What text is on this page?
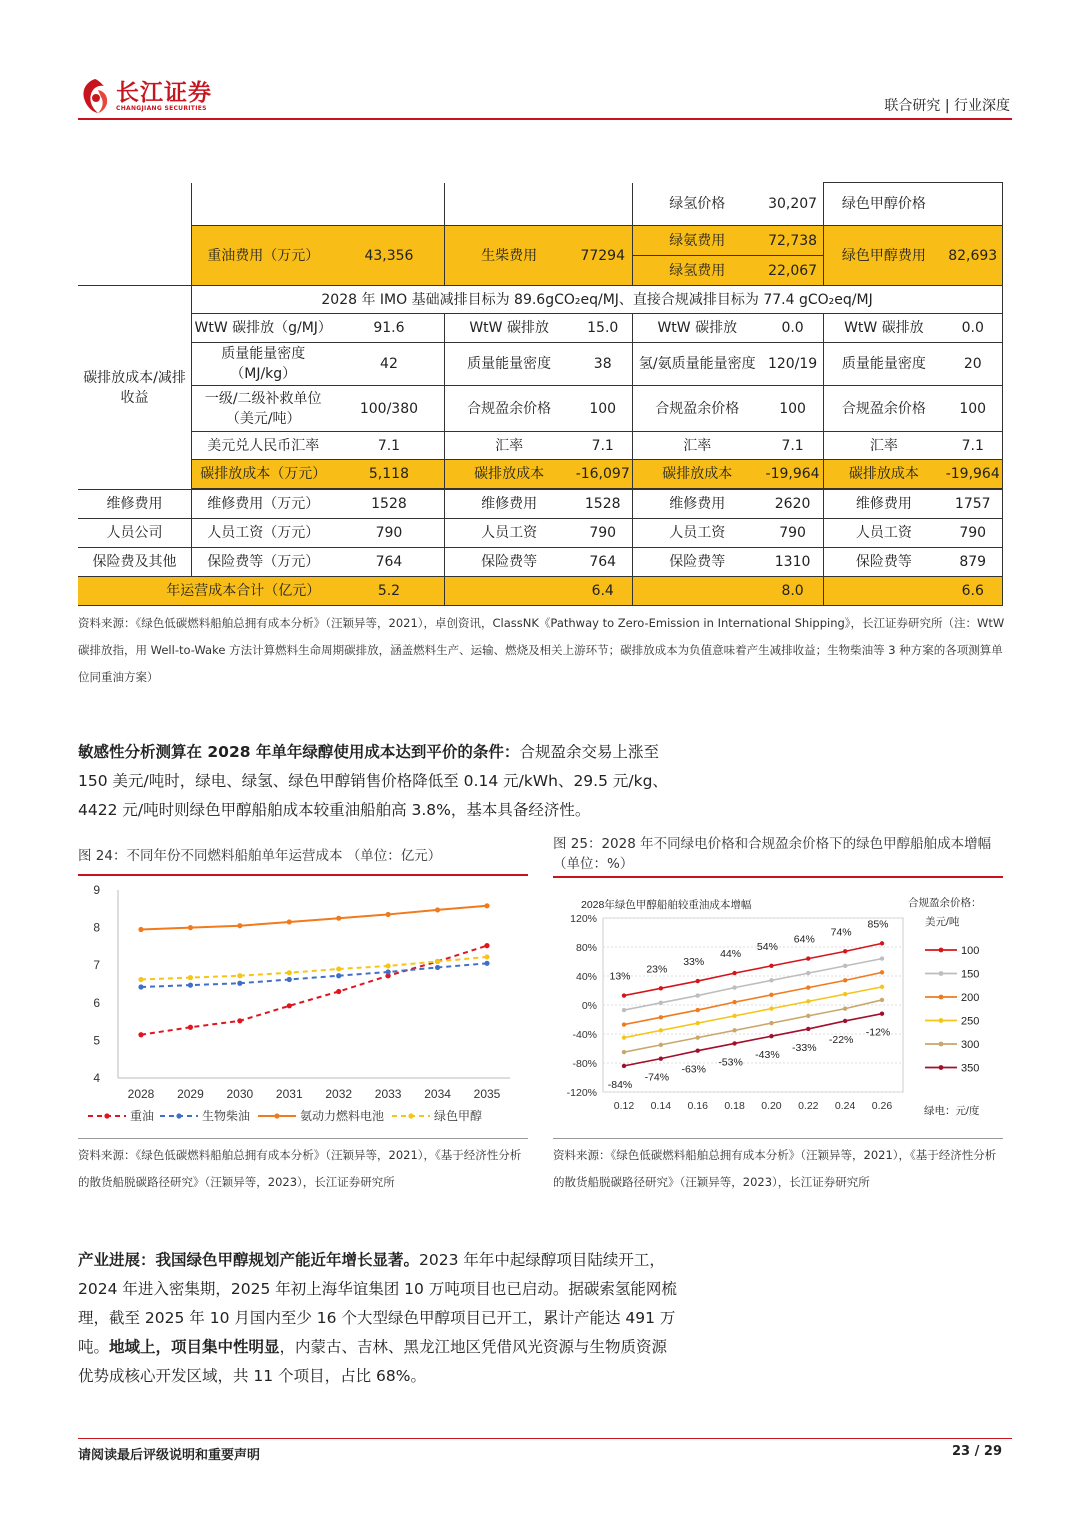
长江证券
CHANGJIANG SECURITIES	联合研究 | 行业深度
					绿氢价格	30,207	绿色甲醇价格	
	重油费用（万元）	43,356	生柴费用	77294	绿氨费用	72,738	绿色甲醇费用	82,693
					绿氢费用	22,067		
碳排放成本/减排收益	2028 年 IMO 基础减排目标为 89.6gCO₂eq/MJ、直接合规减排目标为 77.4 gCO₂eq/MJ							
	WtW 碳排放（g/MJ）	91.6	WtW 碳排放	15.0	WtW 碳排放	0.0	WtW 碳排放	0.0
	质量能量密度（MJ/kg）	42	质量能量密度	38	氢/氨质量能量密度	120/19	质量能量密度	20
	一级/二级补救单位（美元/吨）	100/380	合规盈余价格	100	合规盈余价格	100	合规盈余价格	100
	美元兑人民币汇率	7.1	汇率	7.1	汇率	7.1	汇率	7.1
	碳排放成本（万元）	5,118	碳排放成本	-16,097	碳排放成本	-19,964	碳排放成本	-19,964

维修费用	维修费用（万元）	1528	维修费用	1528	维修费用	2620	维修费用	1757
人员公司	人员工资（万元）	790	人员工资	790	人员工资	790	人员工资	790
保险费及其他	保险费等（万元）	764	保险费等	764	保险费等	1310	保险费等	879
年运营成本合计（亿元）		5.2		6.4		8.0		6.6
资料来源：《绿色低碳燃料船舶总拥有成本分析》（汪颖异等，2021），卓创资讯，ClassNK《Pathway to Zero-Emission in International Shipping》，长江证券研究所（注：WtW 碳排放指，用 Well-to-Wake 方法计算燃料生命周期碳排放，涵盖燃料生产、运输、燃烧及相关上游环节；碳排放成本为负值意味着产生减排收益；生物柴油等 3 种方案的各项测算单位同重油方案）
敏感性分析测算在 2028 年单年绿醇使用成本达到平价的条件：合规盈余交易上涨至
150 美元/吨时，绿电、绿氢、绿色甲醇销售价格降低至 0.14 元/kWh、29.5 元/kg、
4422 元/吨时则绿色甲醇船舶成本较重油船舶高 3.8%，基本具备经济性。
图 24：不同年份不同燃料船舶单年运营成本 （单位：亿元）
4
5
6
7
8
9
2028 2029 2030 2031 2032 2033 2034 2035
重油	生物柴油	氨动力燃料电池	绿色甲醇
资料来源：《绿色低碳燃料船舶总拥有成本分析》（汪颖异等，2021），《基于经济性分析的散货船脱碳路径研究》（汪颖异等，2023），长江证券研究所
图 25：2028 年不同绿电价格和合规盈余价格下的绿色甲醇船舶成本增幅（单位：%）
2028年绿色甲醇船舶较重油成本增幅
120%
80%
40%
0%
-40%
-80%
-120%
0.12 0.14 0.16 0.18 0.20 0.22 0.24 0.26
13%
23%
33%
44%
54%
64%
74%
85%
-84%
-74%
-63%
-53%
-43%
-33%
-22%
-12%
合规盈余价格：
美元/吨
100
150
200
250
300
350
绿电：元/度
资料来源：《绿色低碳燃料船舶总拥有成本分析》（汪颖异等，2021），《基于经济性分析的散货船脱碳路径研究》（汪颖异等，2023），长江证券研究所
产业进展：我国绿色甲醇规划产能近年增长显著。2023 年年中起绿醇项目陆续开工，
2024 年进入密集期，2025 年初上海华谊集团 10 万吨项目也已启动。据碳索氢能网梳
理，截至 2025 年 10 月国内至少 16 个大型绿色甲醇项目已开工，累计产能达 491 万
吨。地域上，项目集中性明显，内蒙古、吉林、黑龙江地区凭借风光资源与生物质资源
优势成核心开发区域，共 11 个项目，占比 68%。
请阅读最后评级说明和重要声明	23 / 29
